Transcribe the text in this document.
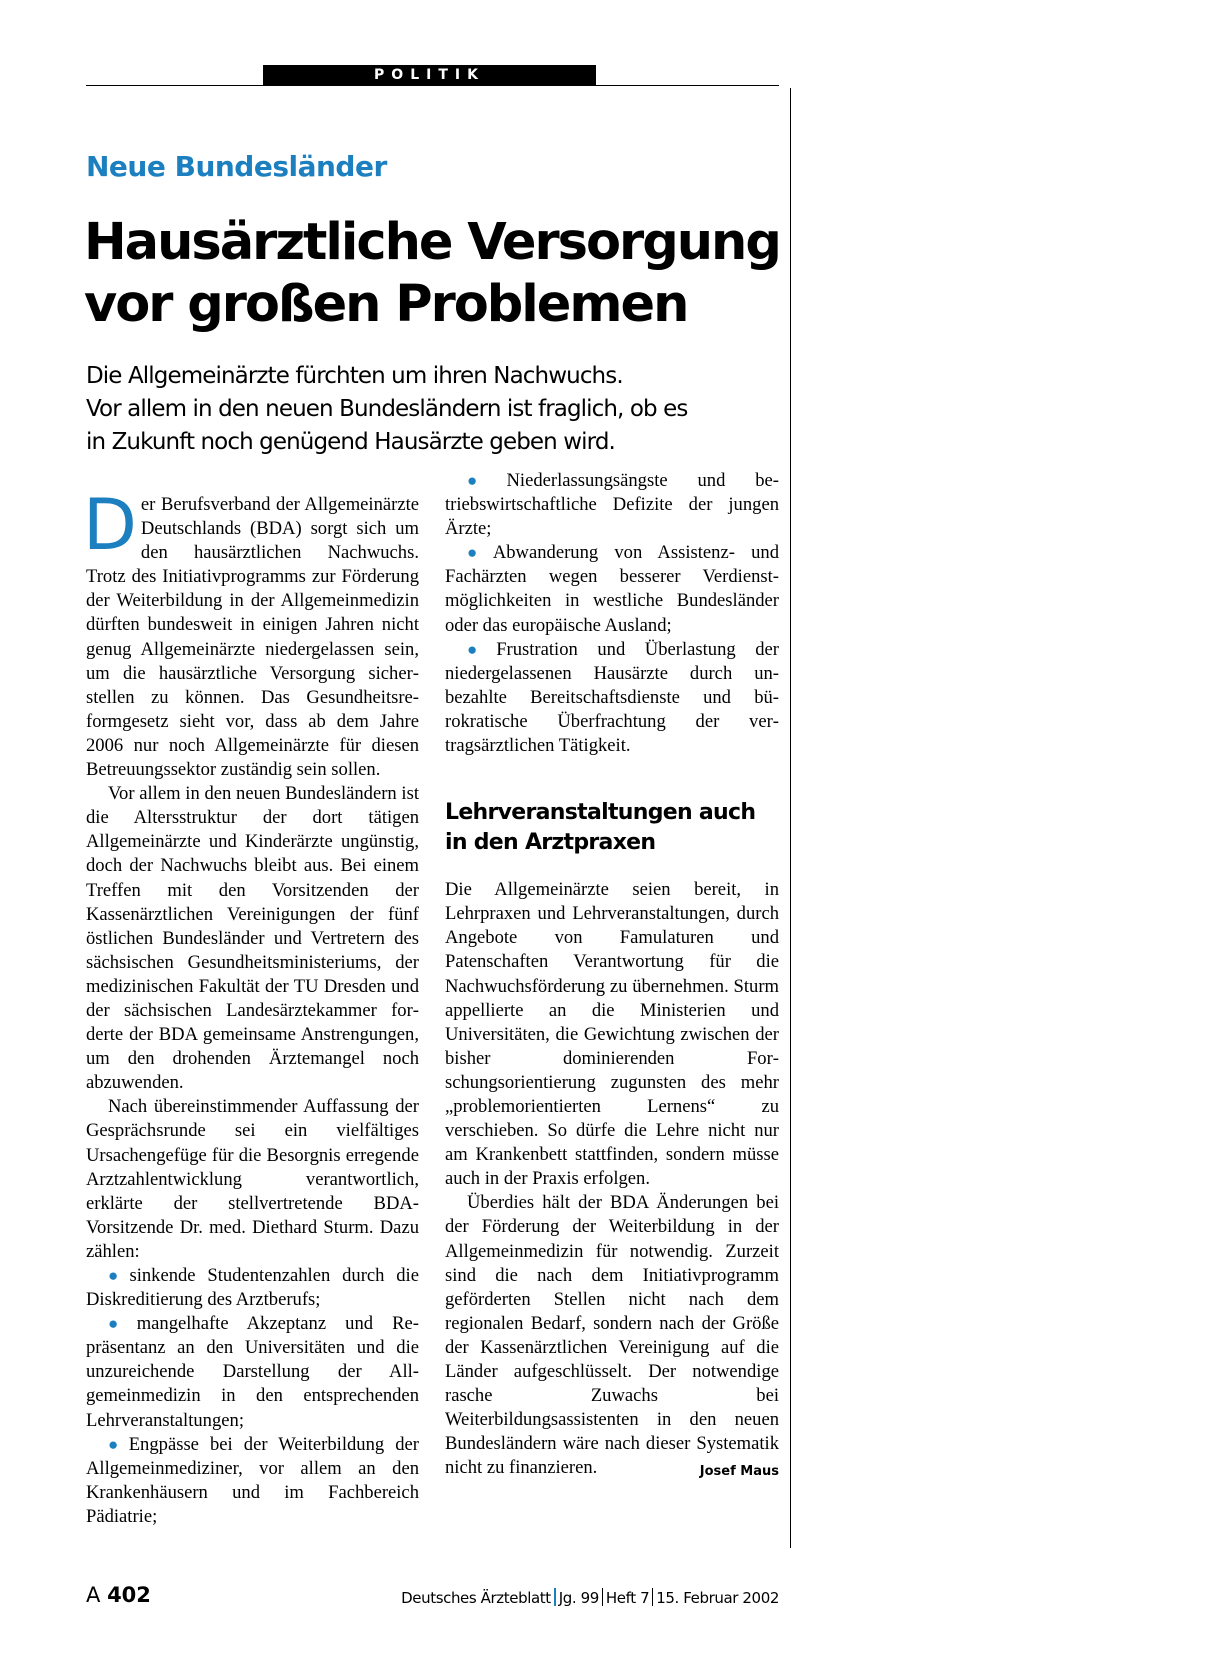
POLITIK
Neue Bundesländer
Hausärztliche Versorgung
vor großen Problemen
Die Allgemeinärzte fürchten um ihren Nachwuchs.
Vor allem in den neuen Bundesländern ist fraglich, ob es
in Zukunft noch genügend Hausärzte geben wird.

Der Berufsverband der Allgemeinärzte Deutschlands (BDA) sorgt sich um den hausärztlichen Nachwuchs. Trotz des Initiativprogramms zur Förderung der Weiterbildung in der Allgemeinmedizin dürften bundesweit in einigen Jahren nicht genug Allgemeinärzte niedergelassen sein, um die hausärztliche Versorgung sicherstellen zu können. Das Gesundheitsreformgesetz sieht vor, dass ab dem Jahre 2006 nur noch Allgemeinärzte für diesen Betreuungssektor zuständig sein sollen.

Vor allem in den neuen Bundesländern ist die Altersstruktur der dort tätigen Allgemeinärzte und Kinderärzte ungünstig, doch der Nachwuchs bleibt aus. Bei einem Treffen mit den Vorsitzenden der Kassenärztlichen Vereinigungen der fünf östlichen Bundesländer und Vertretern des sächsischen Gesundheitsministeriums, der medizinischen Fakultät der TU Dresden und der sächsischen Landesärztekammer forderte der BDA gemeinsame Anstrengungen, um den drohenden Ärztemangel noch abzuwenden.

Nach übereinstimmender Auffassung der Gesprächsrunde sei ein vielfältiges Ursachengefüge für die Besorgnis erregende Arztzahlentwicklung verantwortlich, erklärte der stellvertretende BDA-Vorsitzende Dr. med. Diethard Sturm. Dazu zählen:

● sinkende Studentenzahlen durch die Diskreditierung des Arztberufs;

● mangelhafte Akzeptanz und Repräsentanz an den Universitäten und die unzureichende Darstellung der Allgemeinmedizin in den entsprechenden Lehrveranstaltungen;

● Engpässe bei der Weiterbildung der Allgemeinmediziner, vor allem an den Krankenhäusern und im Fachbereich Pädiatrie;

● Niederlassungsängste und betriebswirtschaftliche Defizite der jungen Ärzte;

● Abwanderung von Assistenz- und Fachärzten wegen besserer Verdienstmöglichkeiten in westliche Bundesländer oder das europäische Ausland;

● Frustration und Überlastung der niedergelassenen Hausärzte durch unbezahlte Bereitschaftsdienste und bürokratische Überfrachtung der vertragsärztlichen Tätigkeit.

Lehrveranstaltungen auch
in den Arztpraxen

Die Allgemeinärzte seien bereit, in Lehrpraxen und Lehrveranstaltungen, durch Angebote von Famulaturen und Patenschaften Verantwortung für die Nachwuchsförderung zu übernehmen. Sturm appellierte an die Ministerien und Universitäten, die Gewichtung zwischen der bisher dominierenden Forschungsorientierung zugunsten des mehr „problemorientierten Lernens“ zu verschieben. So dürfe die Lehre nicht nur am Krankenbett stattfinden, sondern müsse auch in der Praxis erfolgen.

Überdies hält der BDA Änderungen bei der Förderung der Weiterbildung in der Allgemeinmedizin für notwendig. Zurzeit sind die nach dem Initiativprogramm geförderten Stellen nicht nach dem regionalen Bedarf, sondern nach der Größe der Kassenärztlichen Vereinigung auf die Länder aufgeschlüsselt. Der notwendige rasche Zuwachs bei Weiterbildungsassistenten in den neuen Bundesländern wäre nach dieser Systematik nicht zu finanzieren.	Josef Maus

A 402	Deutsches Ärzteblatt Jg. 99 Heft 7 15. Februar 2002
